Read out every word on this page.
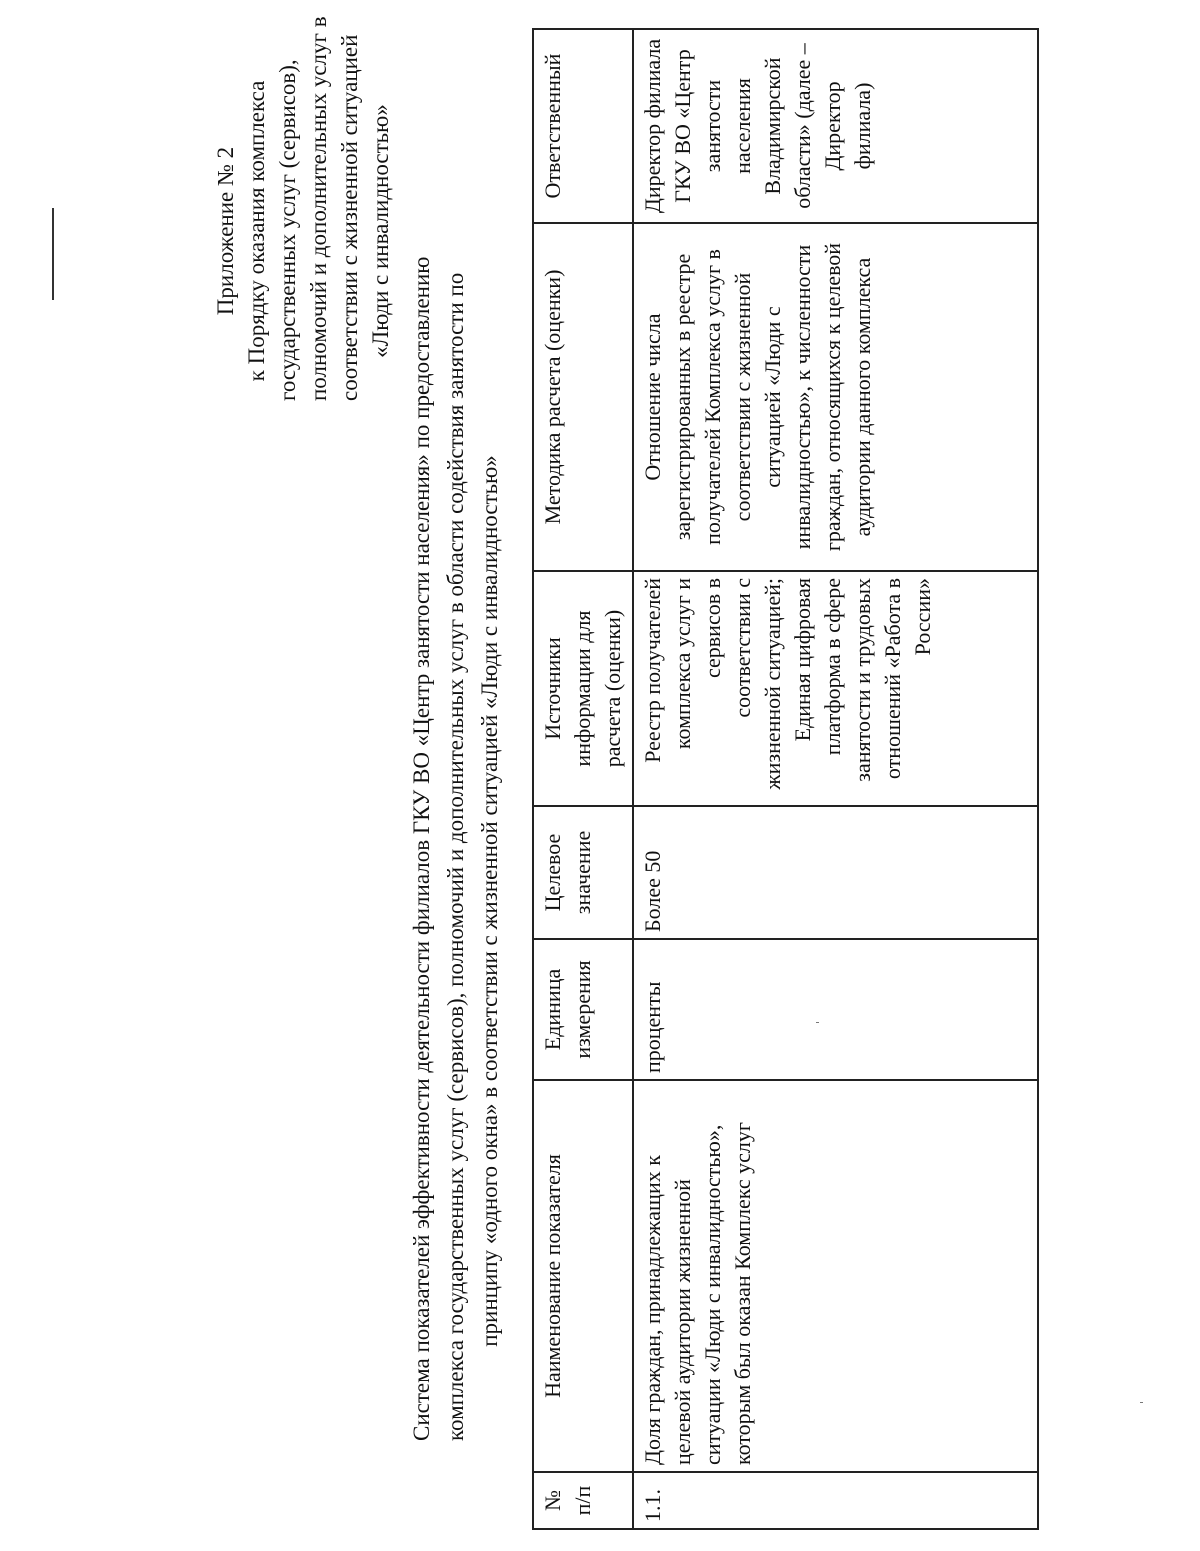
Приложение № 2 к Порядку оказания комплекса государственных услуг (сервисов), полномочий и дополнительных услуг в соответствии с жизненной ситуацией «Люди с инвалидностью»
Система показателей эффективности деятельности филиалов ГКУ ВО «Центр занятости населения» по предоставлению комплекса государственных услуг (сервисов), полномочий и дополнительных услуг в области содействия занятости по принципу «одного окна» в соответствии с жизненной ситуацией «Люди с инвалидностью»
№ п/п	Наименование показателя	Единица измерения	Целевое значение	Источники информации для расчета (оценки)	Методика расчета (оценки)	Ответственный
1.1.	Доля граждан, принадлежащих к целевой аудитории жизненной ситуации «Люди с инвалидностью», которым был оказан Комплекс услуг	проценты	Более 50	Реестр получателей комплекса услуг и сервисов в соответствии с жизненной ситуацией; Единая цифровая платформа в сфере занятости и трудовых отношений «Работа в России»	Отношение числа зарегистрированных в реестре получателей Комплекса услуг в соответствии с жизненной ситуацией «Люди с инвалидностью», к численности граждан, относящихся к целевой аудитории данного комплекса	Директор филиала ГКУ ВО «Центр занятости населения Владимирской области» (далее – Директор филиала)
